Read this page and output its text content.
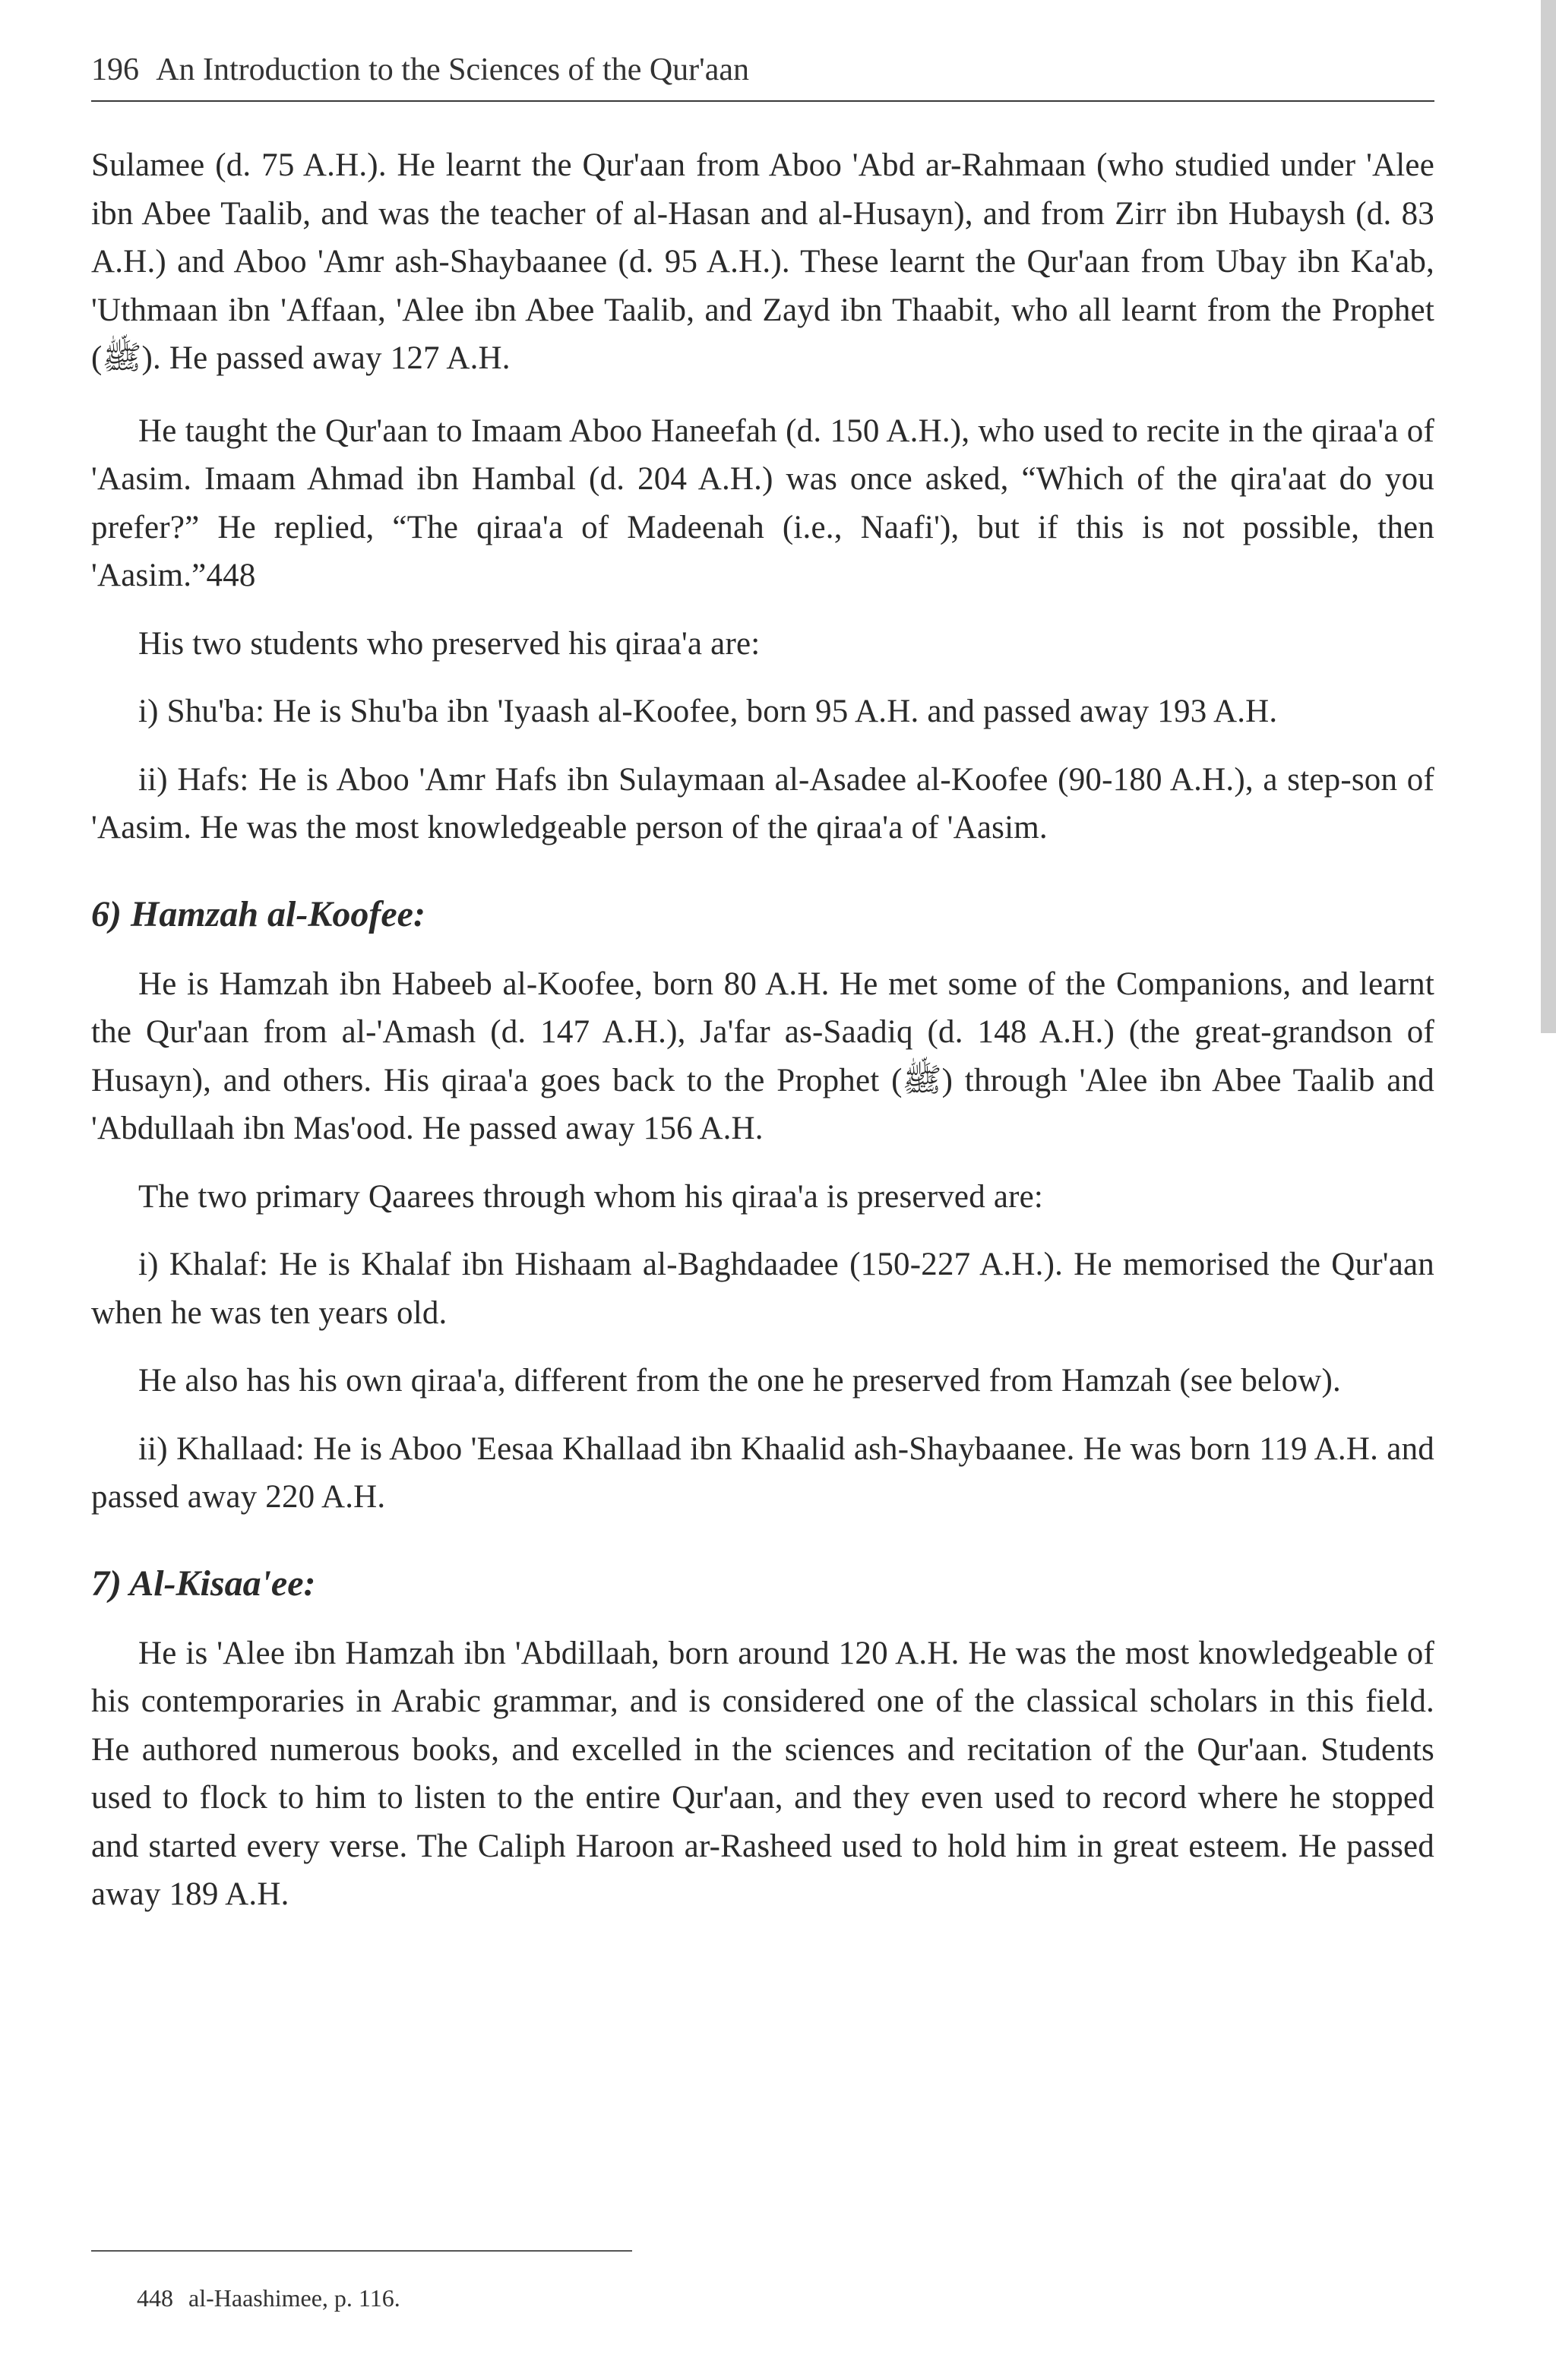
196 An Introduction to the Sciences of the Qur'aan

Sulamee (d. 75 A.H.). He learnt the Qur'aan from Aboo 'Abd ar-Rahmaan (who studied under 'Alee ibn Abee Taalib, and was the teacher of al-Hasan and al-Husayn), and from Zirr ibn Hubaysh (d. 83 A.H.) and Aboo 'Amr ash-Shaybaanee (d. 95 A.H.). These learnt the Qur'aan from Ubay ibn Ka'ab, 'Uthmaan ibn 'Affaan, 'Alee ibn Abee Taalib, and Zayd ibn Thaabit, who all learnt from the Prophet (ﷺ). He passed away 127 A.H.

He taught the Qur'aan to Imaam Aboo Haneefah (d. 150 A.H.), who used to recite in the qiraa'a of 'Aasim. Imaam Ahmad ibn Hambal (d. 204 A.H.) was once asked, “Which of the qira'aat do you prefer?” He replied, “The qiraa'a of Madeenah (i.e., Naafi'), but if this is not possible, then 'Aasim.”448

His two students who preserved his qiraa'a are:

i) Shu'ba: He is Shu'ba ibn 'Iyaash al-Koofee, born 95 A.H. and passed away 193 A.H.

ii) Hafs: He is Aboo 'Amr Hafs ibn Sulaymaan al-Asadee al-Koofee (90-180 A.H.), a step-son of 'Aasim. He was the most knowledgeable person of the qiraa'a of 'Aasim.

6) Hamzah al-Koofee:

He is Hamzah ibn Habeeb al-Koofee, born 80 A.H. He met some of the Companions, and learnt the Qur'aan from al-'Amash (d. 147 A.H.), Ja'far as-Saadiq (d. 148 A.H.) (the great-grandson of Husayn), and others. His qiraa'a goes back to the Prophet (ﷺ) through 'Alee ibn Abee Taalib and 'Abdullaah ibn Mas'ood. He passed away 156 A.H.

The two primary Qaarees through whom his qiraa'a is preserved are:

i) Khalaf: He is Khalaf ibn Hishaam al-Baghdaadee (150-227 A.H.). He memorised the Qur'aan when he was ten years old.

He also has his own qiraa'a, different from the one he preserved from Hamzah (see below).

ii) Khallaad: He is Aboo 'Eesaa Khallaad ibn Khaalid ash-Shaybaanee. He was born 119 A.H. and passed away 220 A.H.

7) Al-Kisaa'ee:

He is 'Alee ibn Hamzah ibn 'Abdillaah, born around 120 A.H. He was the most knowledgeable of his contemporaries in Arabic grammar, and is considered one of the classical scholars in this field. He authored numerous books, and excelled in the sciences and recitation of the Qur'aan. Students used to flock to him to listen to the entire Qur'aan, and they even used to record where he stopped and started every verse. The Caliph Haroon ar-Rasheed used to hold him in great esteem. He passed away 189 A.H.

448 al-Haashimee, p. 116.
